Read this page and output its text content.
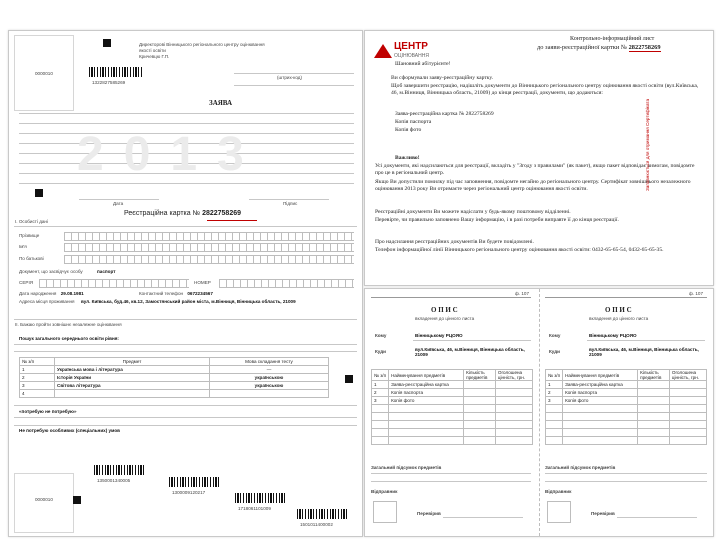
0000010
Директорові Вінницького регіонального центру оцінювання
якості освіти
Кричевцю Г.П.
1322827585269
(штрих-код)
ЗАЯВА
2013
Дата	Підпис
Реєстраційна картка № 2822758269
І. Особисті дані
Прізвище
Ім'я
По батькові
Документ, що засвідчує особу	паспорт
СЕРІЯ	НОМЕР
Дата народження 29.08.1981	Контактний телефон 0672234567
Адреса місця проживання вул. Київська, буд.46, кв.12, Замостянський район міста, м.Вінниця, Вінницька область, 21009
ІІ. Бажаю пройти зовнішнє незалежне оцінювання
Пошук загального середнього освіти рівня:
№ з/п	Предмет	Мова складання тесту
1	Українська мова і література	—
2	Історія України	українською
3	Світова література	українською
4		
«потребую не потребую»
Не потребую особливих (спеціальних) умов
0000010
1350001340005
1300009120217
1718061101009
1501011400002
ЦЕНТР
ОЦІНЮВАННЯ
Контрольно-інформаційний лист
до заяви-реєстраційної картки № 2822758269
Шановний абітурієнте!
Ви сформували заяву-реєстраційну картку.
Щоб завершити реєстрацію, надішліть документи до Вінницького регіонального центру оцінювання якості освіти (вул.Київська, 46, м.Вінниця, Вінницька область, 21009) до кінця реєстрації, документи, що додаються:
Заява-реєстраційна картка № 2822758269
Копія паспорта
Копія фото
Важливо!
Усі документи, які надсилаються для реєстрації, вкладіть у "Згоду з правилами" (як пакет), якщо пакет відповідає вимогам, повідомте про це в регіональний центр.
Якщо Ви допустили помилку під час заповнення, повідомте негайно до регіонального центру. Сертифікат зовнішнього незалежного оцінювання 2013 року Ви отримаєте через регіональний центр оцінювання якості освіти.
Реєстраційні документи Ви можете надіслати у будь-якому поштовому відділенні.
Перевірте, чи правильно заповнено Вашу інформацію, і в разі потреби виправте її до кінця реєстрації.
Про надсилання реєстраційних документів Ви будете повідомлені.
Телефон інформаційної лінії Вінницького регіонального центру оцінювання якості освіти: 0432-65-65-54, 0432-65-65-35.
Заповнюється для отримання Сертифіката
ф. 107
О П И С
вкладення до цінного листа
Кому	Вінницькому РЦОЯО
Куди	вул.Київська, 46, м.Вінниця, Вінницька область, 21009
№ з/п	Найменування предметів	Кількість предметів	Оголошена цінність, грн.
1	Заява-реєстраційна картка		
2	Копія паспорта		
3	Копія фото		

Загальний підсумок предметів
Відправник
Перевірив
ф. 107
О П И С
вкладення до цінного листа
Кому	Вінницькому РЦОЯО
Куди	вул.Київська, 46, м.Вінниця, Вінницька область, 21009
№ з/п	Найменування предметів	Кількість предметів	Оголошена цінність, грн.
1	Заява-реєстраційна картка		
2	Копія паспорта		
3	Копія фото		

Загальний підсумок предметів
Відправник
Перевірив
